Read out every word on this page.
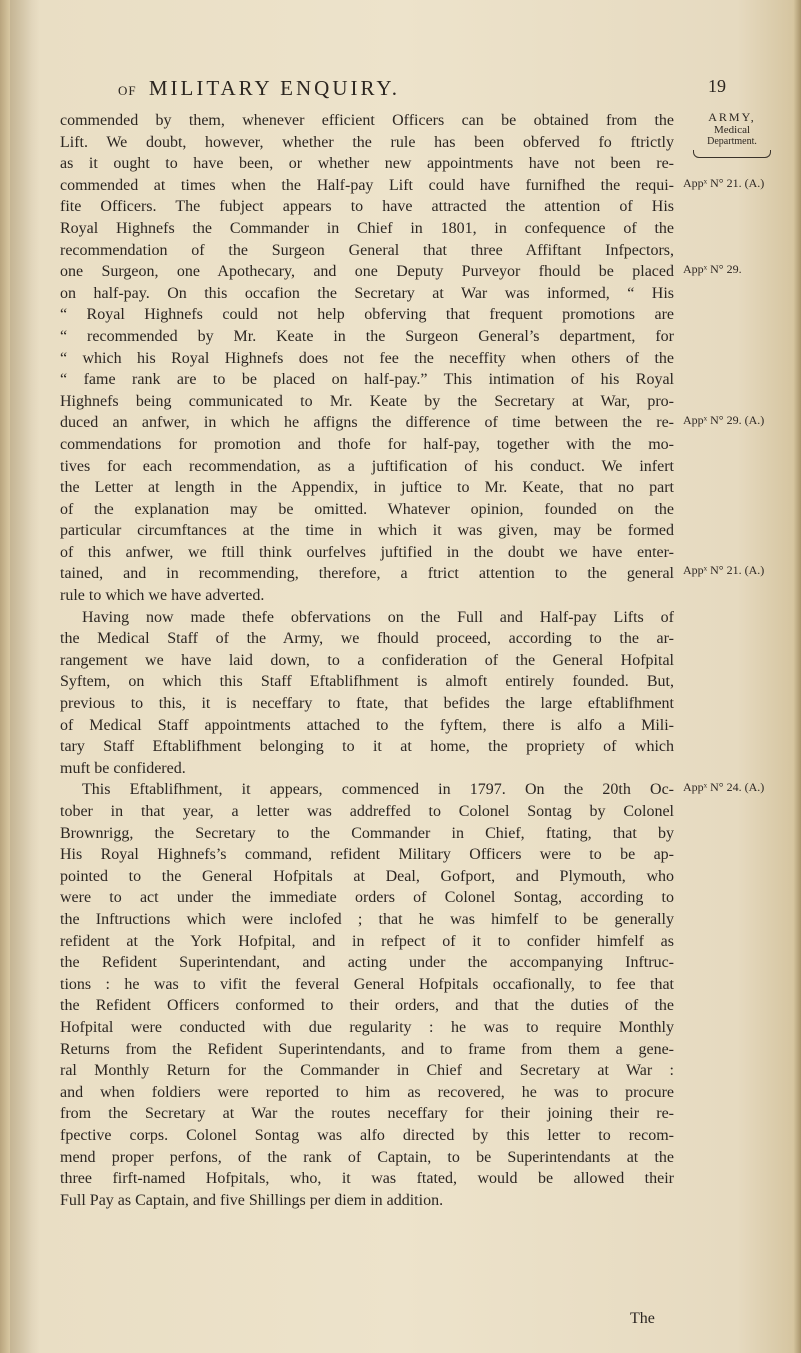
OF MILITARY ENQUIRY.	19
ARMY,
Medical
Department.
commended by them, whenever efficient Officers can be obtained from the
Lift. We doubt, however, whether the rule has been obferved fo ftrictly
as it ought to have been, or whether new appointments have not been re-
commended at times when the Half-pay Lift could have furnifhed the requi-
fite Officers. The fubject appears to have attracted the attention of His
Royal Highnefs the Commander in Chief in 1801, in confequence of the
recommendation of the Surgeon General that three Affiftant Infpectors,
one Surgeon, one Apothecary, and one Deputy Purveyor fhould be placed
on half-pay. On this occafion the Secretary at War was informed, “ His
“ Royal Highnefs could not help obferving that frequent promotions are
“ recommended by Mr. Keate in the Surgeon General’s department, for
“ which his Royal Highnefs does not fee the neceffity when others of the
“ fame rank are to be placed on half-pay.” This intimation of his Royal
Highnefs being communicated to Mr. Keate by the Secretary at War, pro-
duced an anfwer, in which he affigns the difference of time between the re-
commendations for promotion and thofe for half-pay, together with the mo-
tives for each recommendation, as a juftification of his conduct. We infert
the Letter at length in the Appendix, in juftice to Mr. Keate, that no part
of the explanation may be omitted. Whatever opinion, founded on the
particular circumftances at the time in which it was given, may be formed
of this anfwer, we ftill think ourfelves juftified in the doubt we have enter-
tained, and in recommending, therefore, a ftrict attention to the general
rule to which we have adverted.
Having now made thefe obfervations on the Full and Half-pay Lifts of
the Medical Staff of the Army, we fhould proceed, according to the ar-
rangement we have laid down, to a confideration of the General Hofpital
Syftem, on which this Staff Eftablifhment is almoft entirely founded. But,
previous to this, it is neceffary to ftate, that befides the large eftablifhment
of Medical Staff appointments attached to the fyftem, there is alfo a Mili-
tary Staff Eftablifhment belonging to it at home, the propriety of which
muft be confidered.
This Eftablifhment, it appears, commenced in 1797. On the 20th Oc-
tober in that year, a letter was addreffed to Colonel Sontag by Colonel
Brownrigg, the Secretary to the Commander in Chief, ftating, that by
His Royal Highnefs’s command, refident Military Officers were to be ap-
pointed to the General Hofpitals at Deal, Gofport, and Plymouth, who
were to act under the immediate orders of Colonel Sontag, according to
the Inftructions which were inclofed ; that he was himfelf to be generally
refident at the York Hofpital, and in refpect of it to confider himfelf as
the Refident Superintendant, and acting under the accompanying Inftruc-
tions : he was to vifit the feveral General Hofpitals occafionally, to fee that
the Refident Officers conformed to their orders, and that the duties of the
Hofpital were conducted with due regularity : he was to require Monthly
Returns from the Refident Superintendants, and to frame from them a gene-
ral Monthly Return for the Commander in Chief and Secretary at War :
and when foldiers were reported to him as recovered, he was to procure
from the Secretary at War the routes neceffary for their joining their re-
fpective corps. Colonel Sontag was alfo directed by this letter to recom-
mend proper perfons, of the rank of Captain, to be Superintendants at the
three firft-named Hofpitals, who, it was ftated, would be allowed their
Full Pay as Captain, and five Shillings per diem in addition.
Appˣ N° 21. (A.)
Appˣ N° 29.
Appˣ N° 29. (A.)
Appˣ N° 21. (A.)
Appˣ N° 24. (A.)
The
